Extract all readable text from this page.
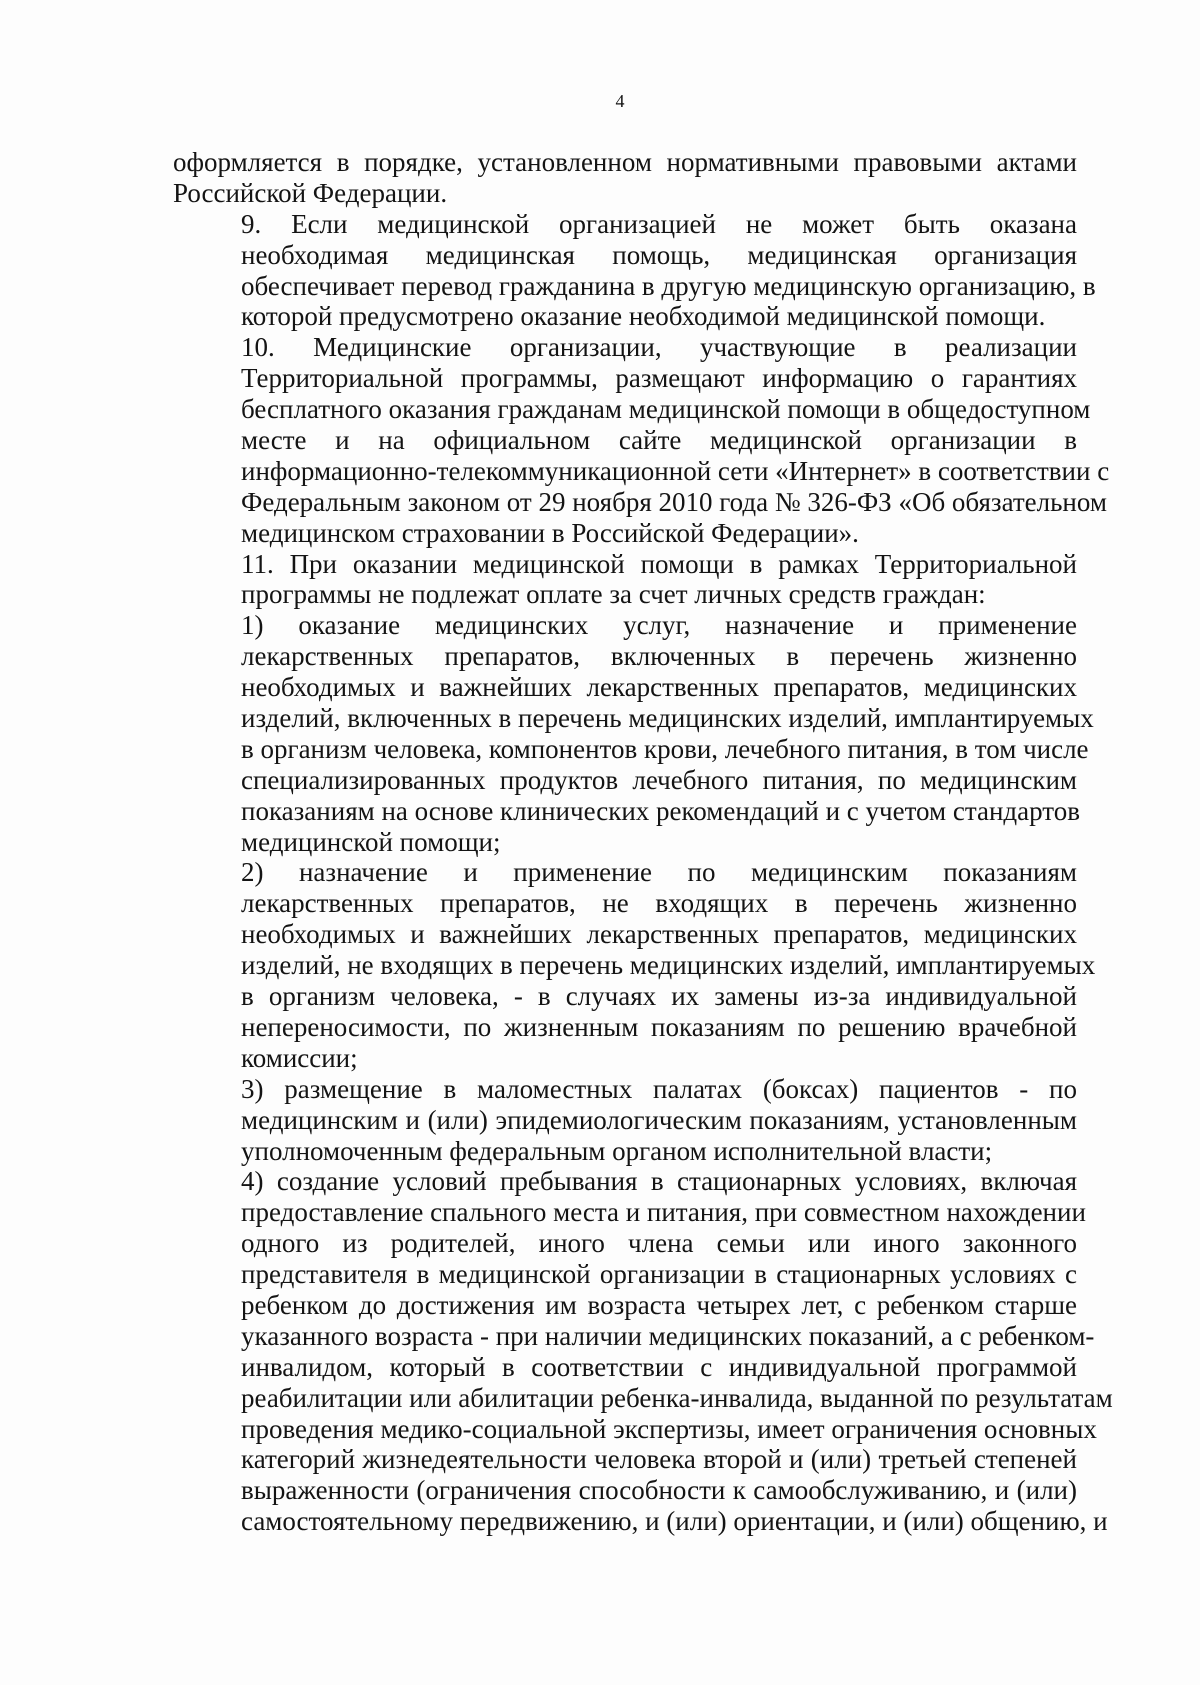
4

оформляется в порядке, установленном нормативными правовыми актами
Российской Федерации.

9. Если медицинской организацией не может быть оказана
необходимая медицинская помощь, медицинская организация
обеспечивает перевод гражданина в другую медицинскую организацию, в
которой предусмотрено оказание необходимой медицинской помощи.

10. Медицинские организации, участвующие в реализации
Территориальной программы, размещают информацию о гарантиях
бесплатного оказания гражданам медицинской помощи в общедоступном
месте и на официальном сайте медицинской организации в
информационно-телекоммуникационной сети «Интернет» в соответствии с
Федеральным законом от 29 ноября 2010 года № 326-ФЗ «Об обязательном
медицинском страховании в Российской Федерации».

11. При оказании медицинской помощи в рамках Территориальной
программы не подлежат оплате за счет личных средств граждан:

1) оказание медицинских услуг, назначение и применение
лекарственных препаратов, включенных в перечень жизненно
необходимых и важнейших лекарственных препаратов, медицинских
изделий, включенных в перечень медицинских изделий, имплантируемых
в организм человека, компонентов крови, лечебного питания, в том числе
специализированных продуктов лечебного питания, по медицинским
показаниям на основе клинических рекомендаций и с учетом стандартов
медицинской помощи;

2) назначение и применение по медицинским показаниям
лекарственных препаратов, не входящих в перечень жизненно
необходимых и важнейших лекарственных препаратов, медицинских
изделий, не входящих в перечень медицинских изделий, имплантируемых
в организм человека, - в случаях их замены из-за индивидуальной
непереносимости, по жизненным показаниям по решению врачебной
комиссии;

3) размещение в маломестных палатах (боксах) пациентов - по
медицинским и (или) эпидемиологическим показаниям, установленным
уполномоченным федеральным органом исполнительной власти;

4) создание условий пребывания в стационарных условиях, включая
предоставление спального места и питания, при совместном нахождении
одного из родителей, иного члена семьи или иного законного
представителя в медицинской организации в стационарных условиях с
ребенком до достижения им возраста четырех лет, с ребенком старше
указанного возраста - при наличии медицинских показаний, а с ребенком-
инвалидом, который в соответствии с индивидуальной программой
реабилитации или абилитации ребенка-инвалида, выданной по результатам
проведения медико-социальной экспертизы, имеет ограничения основных
категорий жизнедеятельности человека второй и (или) третьей степеней
выраженности (ограничения способности к самообслуживанию, и (или)
самостоятельному передвижению, и (или) ориентации, и (или) общению, и
